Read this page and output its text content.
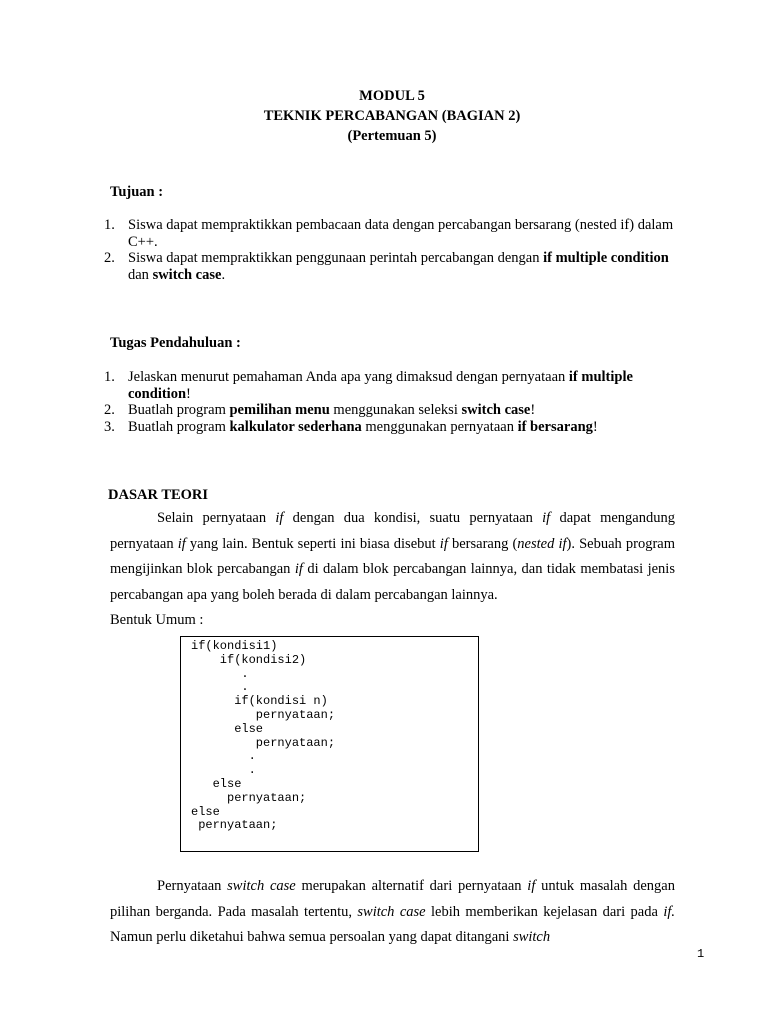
MODUL 5
TEKNIK PERCABANGAN (BAGIAN 2)
(Pertemuan 5)
Tujuan :
1. Siswa dapat mempraktikkan pembacaan data dengan percabangan bersarang (nested if) dalam
C++.
2. Siswa dapat mempraktikkan penggunaan perintah percabangan dengan if multiple condition
dan switch case.
Tugas Pendahuluan :
1. Jelaskan menurut pemahaman Anda apa yang dimaksud dengan pernyataan if multiple
condition!
2. Buatlah program pemilihan menu menggunakan seleksi switch case!
3. Buatlah program kalkulator sederhana menggunakan pernyataan if bersarang!
DASAR TEORI

Selain pernyataan if dengan dua kondisi, suatu pernyataan if dapat mengandung pernyataan if yang lain. Bentuk seperti ini biasa disebut if bersarang (nested if). Sebuah program mengijinkan blok percabangan if di dalam blok percabangan lainnya, dan tidak membatasi jenis percabangan apa yang boleh berada di dalam percabangan lainnya.

Bentuk Umum :
if(kondisi1)
if(kondisi2)
.
.
if(kondisi n)
pernyataan;
else
pernyataan;
.
.
else
pernyataan;
else
pernyataan;

Pernyataan switch case merupakan alternatif dari pernyataan if untuk masalah dengan pilihan berganda. Pada masalah tertentu, switch case lebih memberikan kejelasan dari pada if. Namun perlu diketahui bahwa semua persoalan yang dapat ditangani switch

1
